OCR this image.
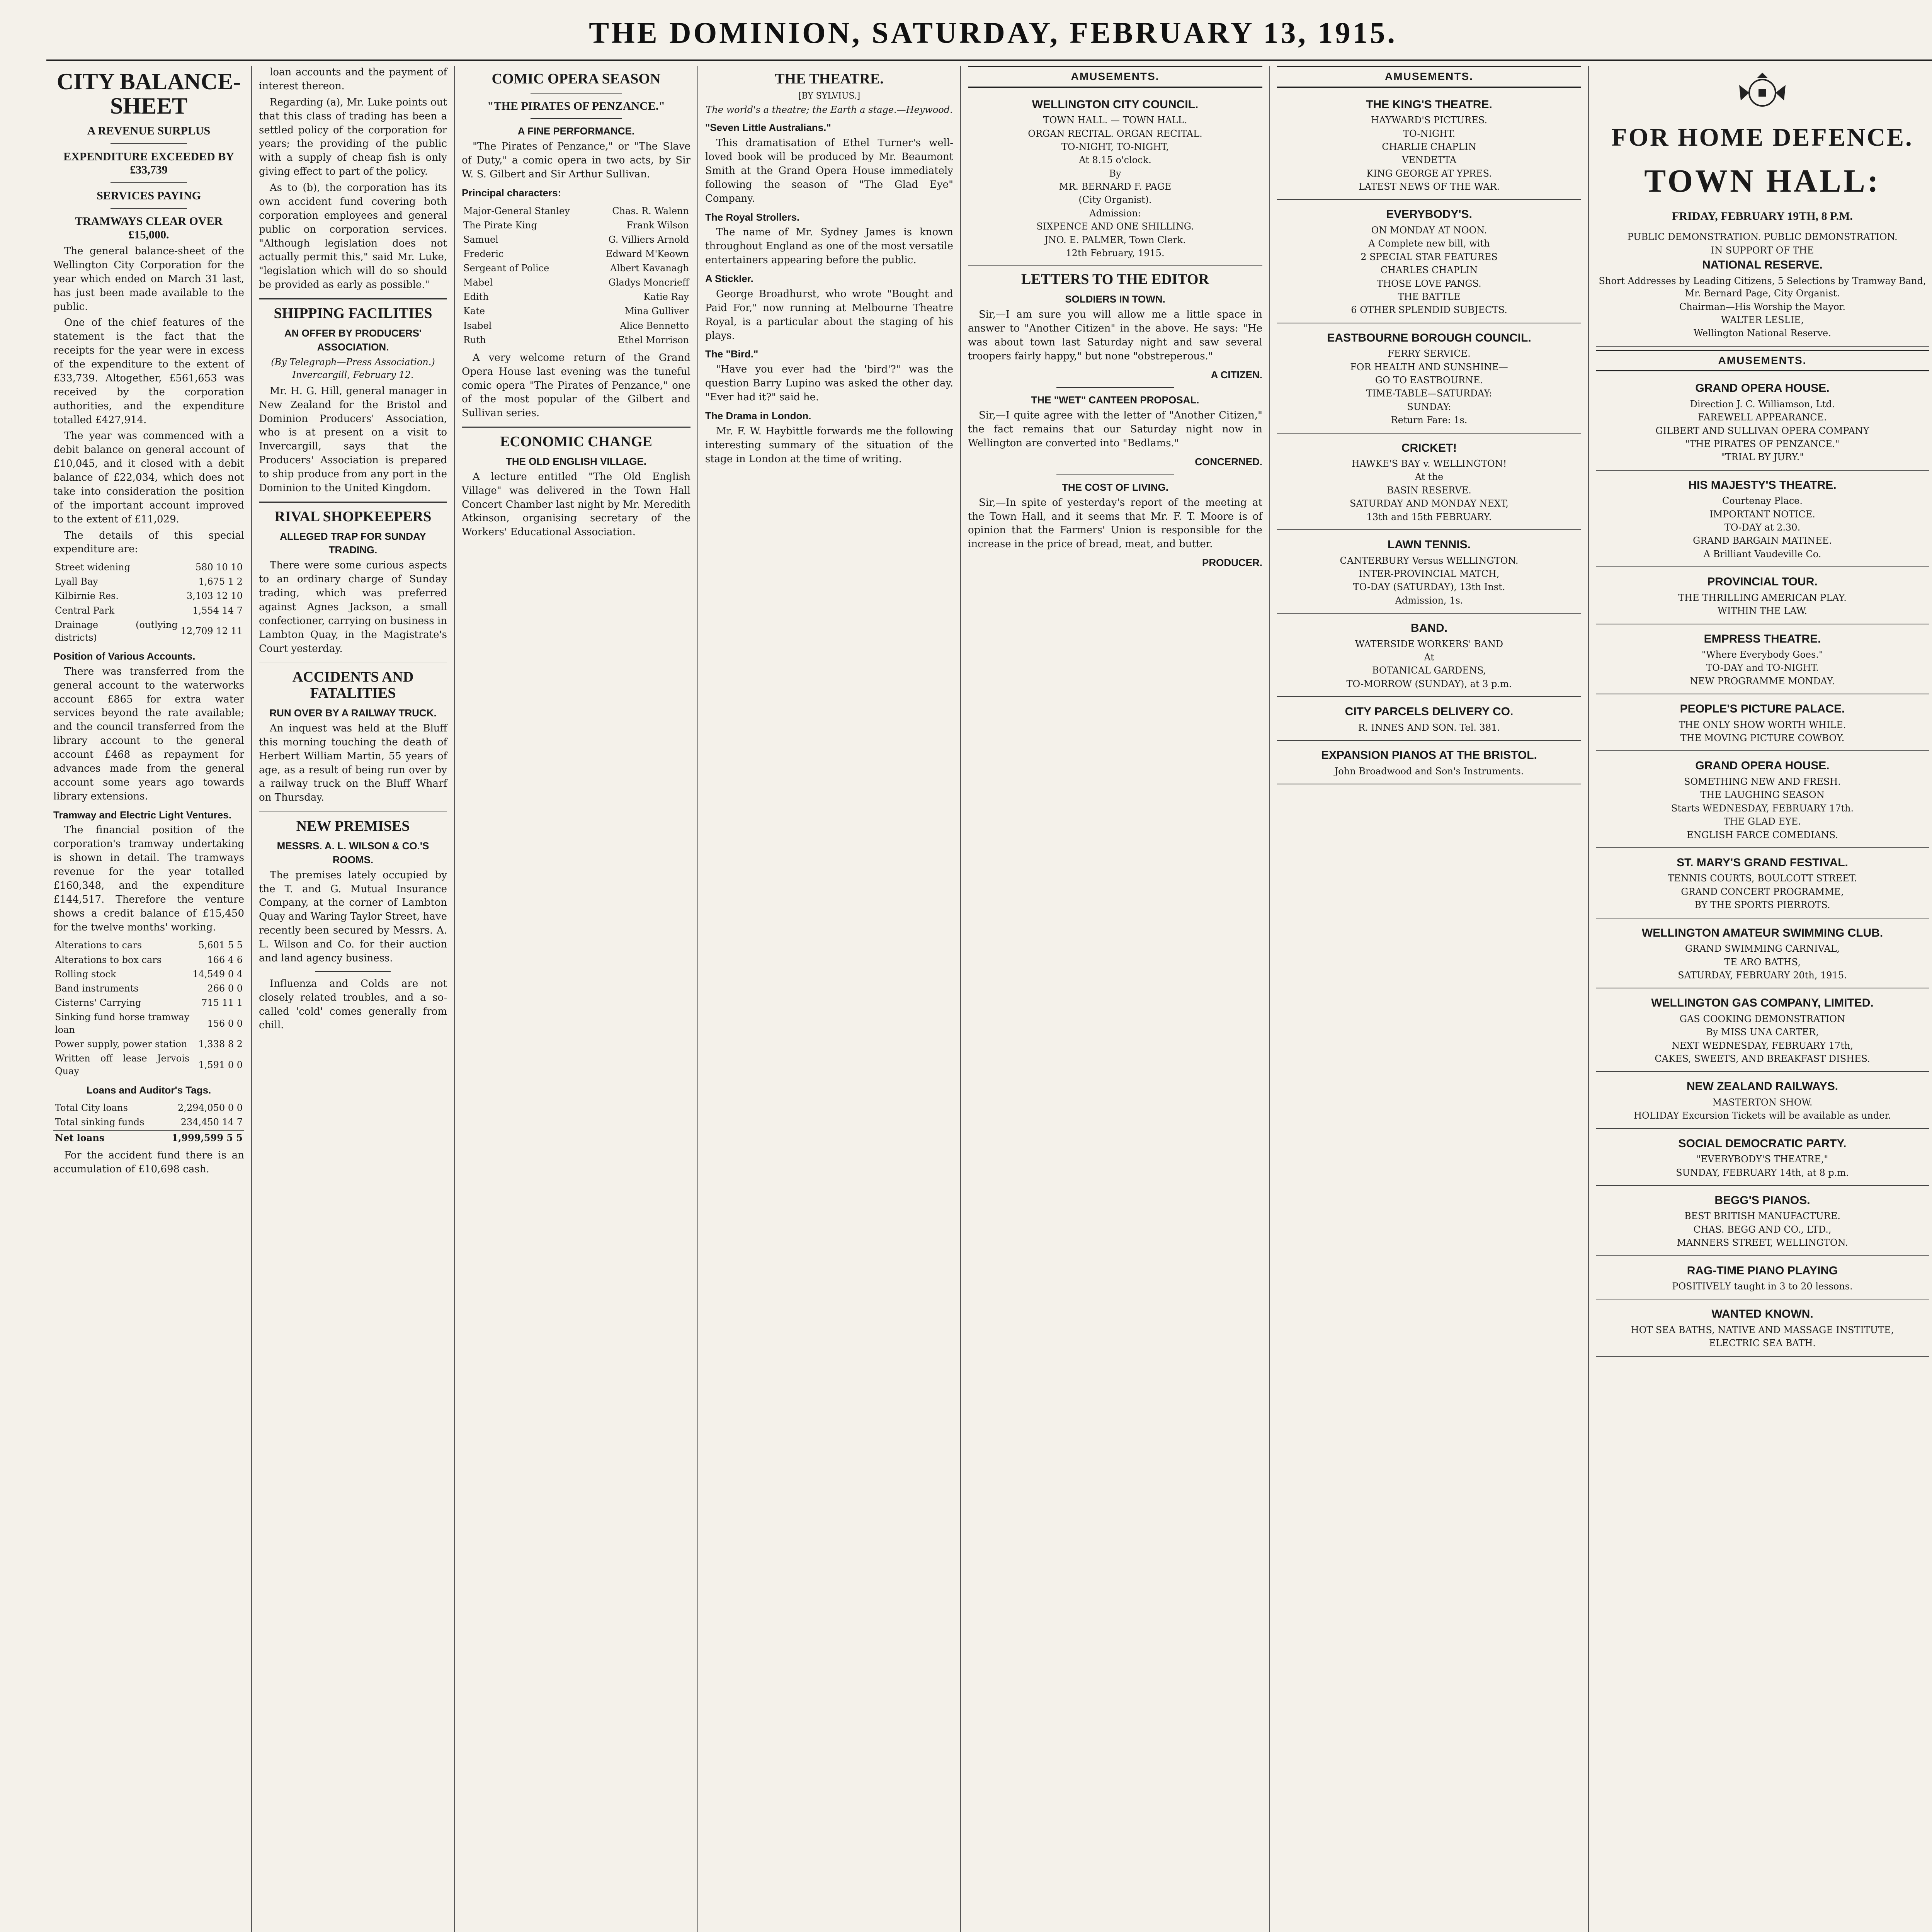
THE DOMINION, SATURDAY, FEBRUARY 13, 1915.
CITY BALANCE-SHEET
A REVENUE SURPLUS
EXPENDITURE EXCEEDED BY £33,739
SERVICES PAYING
TRAMWAYS CLEAR OVER £15,000.

The general balance-sheet of the Wellington City Corporation for the year which ended on March 31 last, has just been made available to the public.

One of the chief features of the statement is the fact that the receipts for the year were in excess of the expenditure to the extent of £33,739. Altogether, £561,653 was received by the corporation authorities, and the expenditure totalled £427,914.

The year was commenced with a debit balance on general account of £10,045, and it closed with a debit balance of £22,034, which does not take into consideration the position of the important account improved to the extent of £11,029.

The details of this special expenditure are:

Street widening	580 10 10
Lyall Bay	1,675 1 2
Kilbirnie Res.	3,103 12 10
Central Park	1,554 14 7
Drainage (outlying districts)	12,709 12 11
Position of Various Accounts.

There was transferred from the general account to the waterworks account £865 for extra water services beyond the rate available; and the council transferred from the library account to the general account £468 as repayment for advances made from the general account some years ago towards library extensions.

Tramway and Electric Light Ventures.

The financial position of the corporation's tramway undertaking is shown in detail. The tramways revenue for the year totalled £160,348, and the expenditure £144,517. Therefore the venture shows a credit balance of £15,450 for the twelve months' working.

Alterations to cars	5,601 5 5
Alterations to box cars	166 4 6
Rolling stock	14,549 0 4
Band instruments	266 0 0
Cisterns' Carrying	715 11 1
Sinking fund horse tramway loan	156 0 0
Power supply, power station	1,338 8 2
Written off lease Jervois Quay	1,591 0 0
Loans and Auditor's Tags.
Total City loans	2,294,050 0 0
Total sinking funds	234,450 14 7
Net loans	1,999,599 5 5

For the accident fund there is an accumulation of £10,698 cash.

loan accounts and the payment of interest thereon.

Regarding (a), Mr. Luke points out that this class of trading has been a settled policy of the corporation for years; the providing of the public with a supply of cheap fish is only giving effect to part of the policy.

As to (b), the corporation has its own accident fund covering both corporation employees and general public on corporation services. "Although legislation does not actually permit this," said Mr. Luke, "legislation which will do so should be provided as early as possible."

SHIPPING FACILITIES
AN OFFER BY PRODUCERS' ASSOCIATION.
(By Telegraph—Press Association.) Invercargill, February 12.

Mr. H. G. Hill, general manager in New Zealand for the Bristol and Dominion Producers' Association, who is at present on a visit to Invercargill, says that the Producers' Association is prepared to ship produce from any port in the Dominion to the United Kingdom.

RIVAL SHOPKEEPERS
ALLEGED TRAP FOR SUNDAY TRADING.

There were some curious aspects to an ordinary charge of Sunday trading, which was preferred against Agnes Jackson, a small confectioner, carrying on business in Lambton Quay, in the Magistrate's Court yesterday.

ACCIDENTS AND FATALITIES
RUN OVER BY A RAILWAY TRUCK.

An inquest was held at the Bluff this morning touching the death of Herbert William Martin, 55 years of age, as a result of being run over by a railway truck on the Bluff Wharf on Thursday.

NEW PREMISES
MESSRS. A. L. WILSON & CO.'S ROOMS.

The premises lately occupied by the T. and G. Mutual Insurance Company, at the corner of Lambton Quay and Waring Taylor Street, have recently been secured by Messrs. A. L. Wilson and Co. for their auction and land agency business.

Influenza and Colds are not closely related troubles, and a so-called 'cold' comes generally from chill.

COMIC OPERA SEASON
"THE PIRATES OF PENZANCE."
A FINE PERFORMANCE.

"The Pirates of Penzance," or "The Slave of Duty," a comic opera in two acts, by Sir W. S. Gilbert and Sir Arthur Sullivan.

Principal characters:
Major-General Stanley	Chas. R. Walenn
The Pirate King	Frank Wilson
Samuel	G. Villiers Arnold
Frederic	Edward M'Keown
Sergeant of Police	Albert Kavanagh
Mabel	Gladys Moncrieff
Edith	Katie Ray
Kate	Mina Gulliver
Isabel	Alice Bennetto
Ruth	Ethel Morrison

A very welcome return of the Grand Opera House last evening was the tuneful comic opera "The Pirates of Penzance," one of the most popular of the Gilbert and Sullivan series.

ECONOMIC CHANGE
THE OLD ENGLISH VILLAGE.

A lecture entitled "The Old English Village" was delivered in the Town Hall Concert Chamber last night by Mr. Meredith Atkinson, organising secretary of the Workers' Educational Association.

THE THEATRE.
[BY SYLVIUS.]
The world's a theatre; the Earth a stage.—Heywood.
"Seven Little Australians."

This dramatisation of Ethel Turner's well-loved book will be produced by Mr. Beaumont Smith at the Grand Opera House immediately following the season of "The Glad Eye" Company.

The Royal Strollers.

The name of Mr. Sydney James is known throughout England as one of the most versatile entertainers appearing before the public.

A Stickler.

George Broadhurst, who wrote "Bought and Paid For," now running at Melbourne Theatre Royal, is a particular about the staging of his plays.

The "Bird."

"Have you ever had the 'bird'?" was the question Barry Lupino was asked the other day. "Ever had it?" said he.

The Drama in London.

Mr. F. W. Haybittle forwards me the following interesting summary of the situation of the stage in London at the time of writing.

AMUSEMENTS.
WELLINGTON CITY COUNCIL.
TOWN HALL. — TOWN HALL.
ORGAN RECITAL. ORGAN RECITAL.
TO-NIGHT, TO-NIGHT,
At 8.15 o'clock.
By
MR. BERNARD F. PAGE
(City Organist).
Admission:
SIXPENCE AND ONE SHILLING.
JNO. E. PALMER, Town Clerk.
12th February, 1915.
LETTERS TO THE EDITOR
SOLDIERS IN TOWN.

Sir,—I am sure you will allow me a little space in answer to "Another Citizen" in the above. He says: "He was about town last Saturday night and saw several troopers fairly happy," but none "obstreperous."

A CITIZEN.
THE "WET" CANTEEN PROPOSAL.

Sir,—I quite agree with the letter of "Another Citizen," the fact remains that our Saturday night now in Wellington are converted into "Bedlams."

CONCERNED.
THE COST OF LIVING.

Sir,—In spite of yesterday's report of the meeting at the Town Hall, and it seems that Mr. F. T. Moore is of opinion that the Farmers' Union is responsible for the increase in the price of bread, meat, and butter.

PRODUCER.
AMUSEMENTS.
THE KING'S THEATRE.
HAYWARD'S PICTURES.
TO-NIGHT.
CHARLIE CHAPLIN
VENDETTA
KING GEORGE AT YPRES.
LATEST NEWS OF THE WAR.
EVERYBODY'S.
ON MONDAY AT NOON.
A Complete new bill, with
2 SPECIAL STAR FEATURES
CHARLES CHAPLIN
THOSE LOVE PANGS.
THE BATTLE
6 OTHER SPLENDID SUBJECTS.
EASTBOURNE BOROUGH COUNCIL.
FERRY SERVICE.
FOR HEALTH AND SUNSHINE—
GO TO EASTBOURNE.
TIME-TABLE—SATURDAY:
SUNDAY:
Return Fare: 1s.
CRICKET!
HAWKE'S BAY v. WELLINGTON!
At the
BASIN RESERVE.
SATURDAY AND MONDAY NEXT,
13th and 15th FEBRUARY.
LAWN TENNIS.
CANTERBURY Versus WELLINGTON.
INTER-PROVINCIAL MATCH,
TO-DAY (SATURDAY), 13th Inst.
Admission, 1s.
BAND.
WATERSIDE WORKERS' BAND
At
BOTANICAL GARDENS,
TO-MORROW (SUNDAY), at 3 p.m.
CITY PARCELS DELIVERY CO.
R. INNES AND SON. Tel. 381.
EXPANSION PIANOS AT THE BRISTOL.
John Broadwood and Son's Instruments.
FOR HOME DEFENCE.
TOWN HALL:
FRIDAY, FEBRUARY 19TH, 8 P.M.
PUBLIC DEMONSTRATION. PUBLIC DEMONSTRATION.
IN SUPPORT OF THE
NATIONAL RESERVE.
Short Addresses by Leading Citizens, 5 Selections by Tramway Band, Mr. Bernard Page, City Organist.
Chairman—His Worship the Mayor.
WALTER LESLIE,
Wellington National Reserve.
AMUSEMENTS.
GRAND OPERA HOUSE.
Direction J. C. Williamson, Ltd.
FAREWELL APPEARANCE.
GILBERT AND SULLIVAN OPERA COMPANY
"THE PIRATES OF PENZANCE."
"TRIAL BY JURY."
HIS MAJESTY'S THEATRE.
Courtenay Place.
IMPORTANT NOTICE.
TO-DAY at 2.30.
GRAND BARGAIN MATINEE.
A Brilliant Vaudeville Co.
PROVINCIAL TOUR.
THE THRILLING AMERICAN PLAY.
WITHIN THE LAW.
EMPRESS THEATRE.
"Where Everybody Goes."
TO-DAY and TO-NIGHT.
NEW PROGRAMME MONDAY.
PEOPLE'S PICTURE PALACE.
THE ONLY SHOW WORTH WHILE.
THE MOVING PICTURE COWBOY.
GRAND OPERA HOUSE.
SOMETHING NEW AND FRESH.
THE LAUGHING SEASON
Starts WEDNESDAY, FEBRUARY 17th.
THE GLAD EYE.
ENGLISH FARCE COMEDIANS.
ST. MARY'S GRAND FESTIVAL.
TENNIS COURTS, BOULCOTT STREET.
GRAND CONCERT PROGRAMME,
BY THE SPORTS PIERROTS.
WELLINGTON AMATEUR SWIMMING CLUB.
GRAND SWIMMING CARNIVAL,
TE ARO BATHS,
SATURDAY, FEBRUARY 20th, 1915.
WELLINGTON GAS COMPANY, LIMITED.
GAS COOKING DEMONSTRATION
By MISS UNA CARTER,
NEXT WEDNESDAY, FEBRUARY 17th,
CAKES, SWEETS, AND BREAKFAST DISHES.
NEW ZEALAND RAILWAYS.
MASTERTON SHOW.
HOLIDAY Excursion Tickets will be available as under.
SOCIAL DEMOCRATIC PARTY.
"EVERYBODY'S THEATRE,"
SUNDAY, FEBRUARY 14th, at 8 p.m.
BEGG'S PIANOS.
BEST BRITISH MANUFACTURE.
CHAS. BEGG AND CO., LTD.,
MANNERS STREET, WELLINGTON.
RAG-TIME PIANO PLAYING
POSITIVELY taught in 3 to 20 lessons.
WANTED KNOWN.
HOT SEA BATHS, NATIVE AND MASSAGE INSTITUTE,
ELECTRIC SEA BATH.
